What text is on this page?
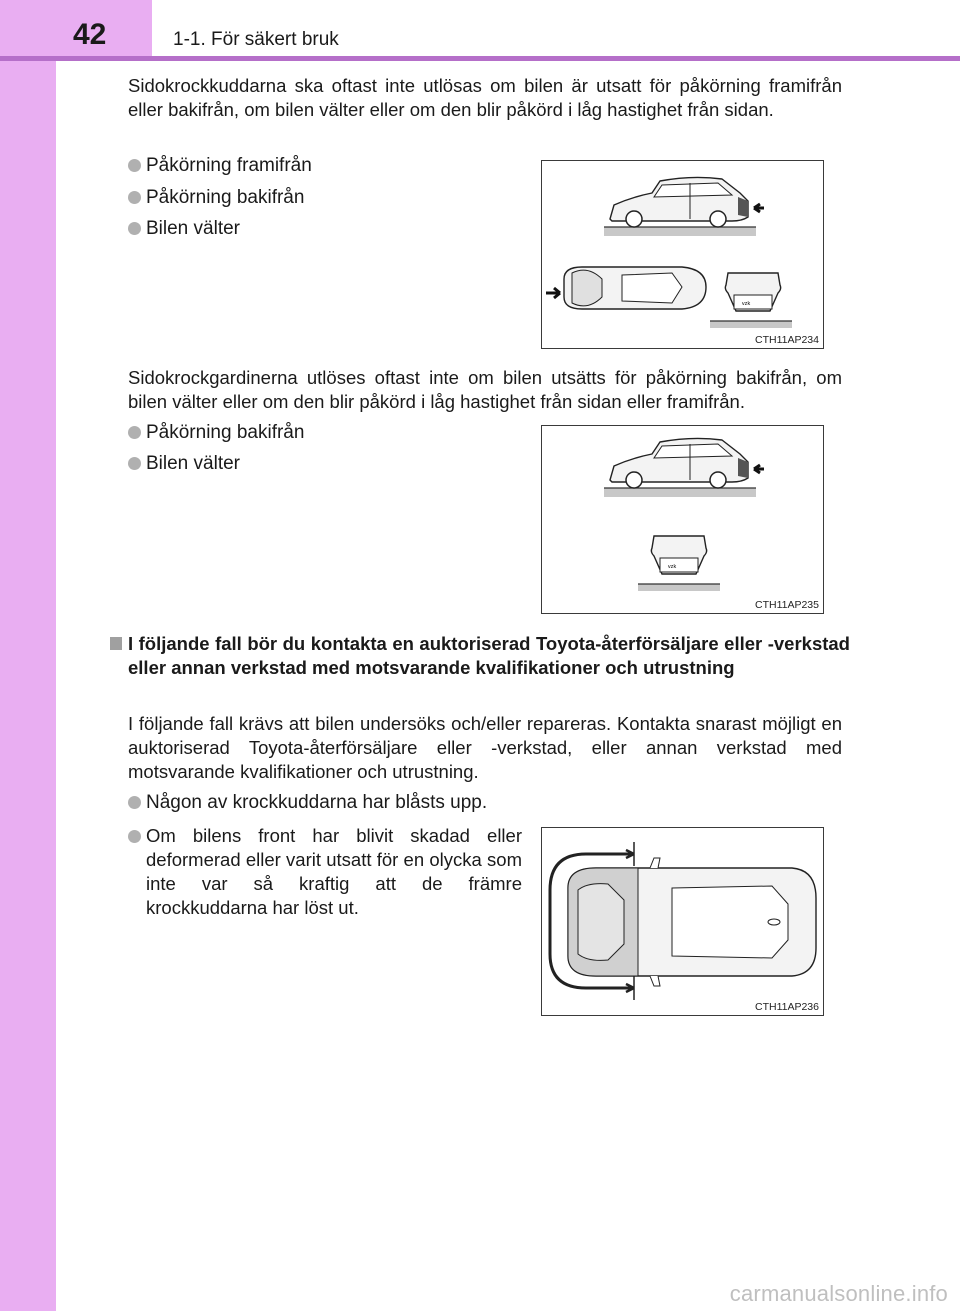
42	1-1. För säkert bruk

Sidokrockkuddarna ska oftast inte utlösas om bilen är utsatt för påkörning framifrån eller bakifrån, om bilen välter eller om den blir påkörd i låg hastighet från sidan.

Påkörning framifrån

Påkörning bakifrån

Bilen välter

ᵛᶻᵏ
CTH11AP234

Sidokrockgardinerna utlöses oftast inte om bilen utsätts för påkörning bakifrån, om bilen välter eller om den blir påkörd i låg hastighet från sidan eller framifrån.

Påkörning bakifrån

Bilen välter

ᵛᶻᵏ
CTH11AP235

I följande fall bör du kontakta en auktoriserad Toyota-återförsäljare eller -verkstad eller annan verkstad med motsvarande kvalifikationer och utrustning

I följande fall krävs att bilen undersöks och/eller repareras. Kontakta snarast möjligt en auktoriserad Toyota-återförsäljare eller -verkstad, eller annan verkstad med motsvarande kvalifikationer och utrustning.

Någon av krockkuddarna har blåsts upp.

Om bilens front har blivit skadad eller deformerad eller varit utsatt för en olycka som inte var så kraftig att de främre krockkuddarna har löst ut.
CTH11AP236
carmanualsonline.info
